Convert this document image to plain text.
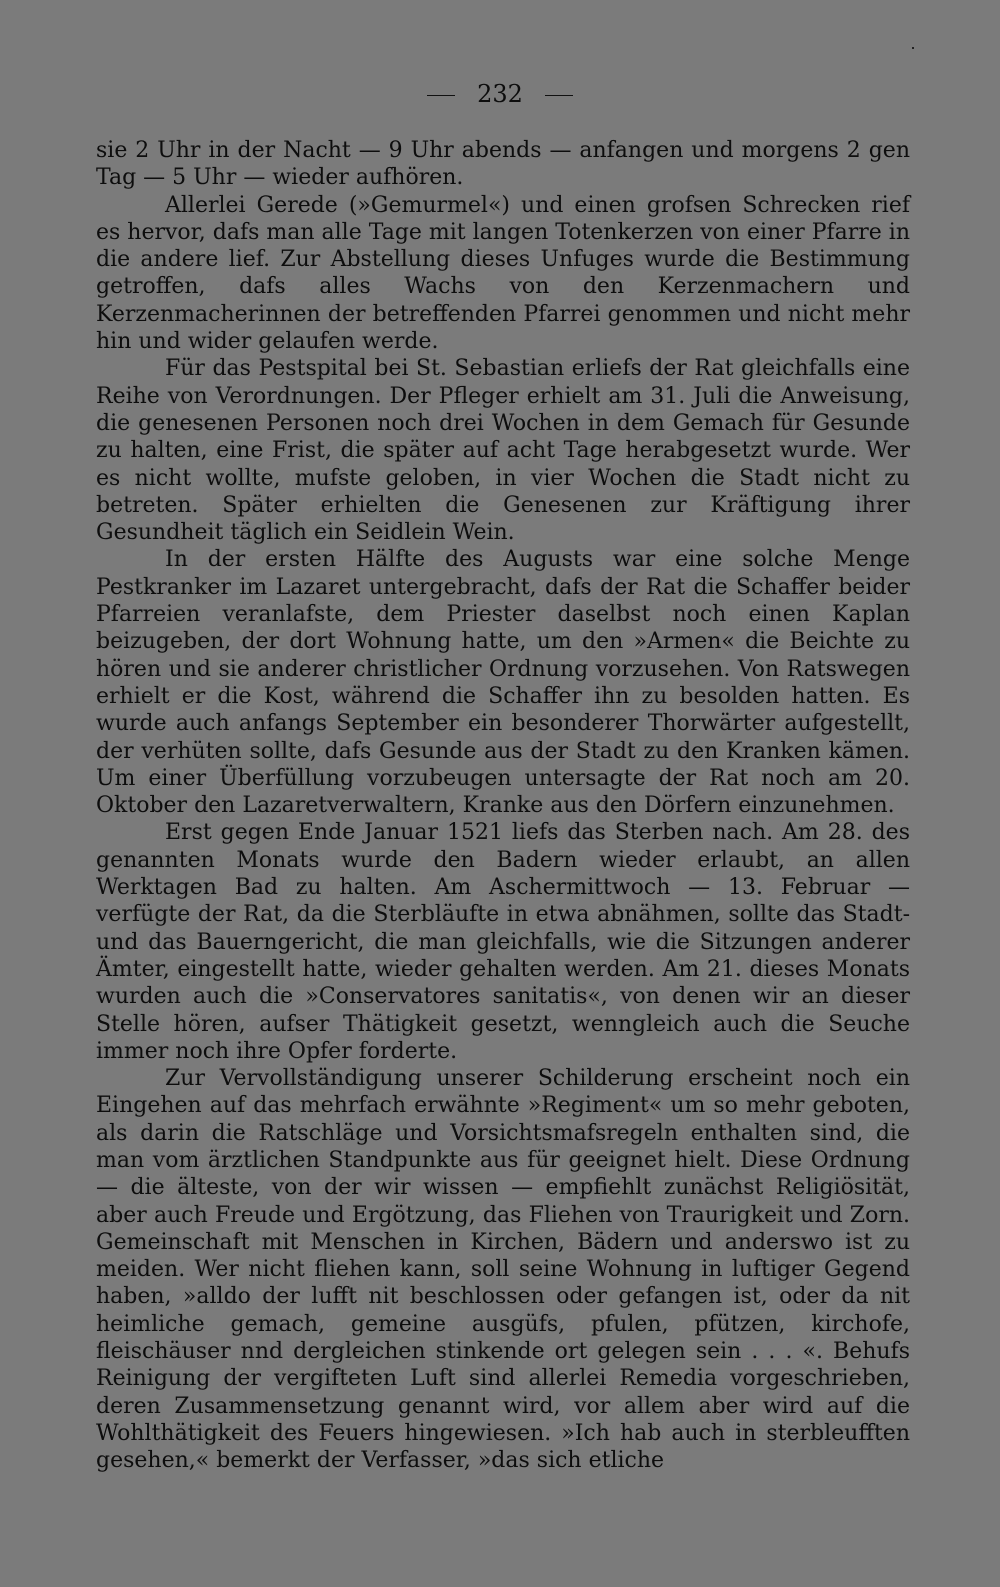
232

sie 2 Uhr in der Nacht — 9 Uhr abends — anfangen und morgens 2 gen Tag — 5 Uhr — wieder aufhören.

Allerlei Gerede (»Gemurmel«) und einen grofsen Schrecken rief es hervor, dafs man alle Tage mit langen Totenkerzen von einer Pfarre in die andere lief. Zur Abstellung dieses Unfuges wurde die Bestimmung getroffen, dafs alles Wachs von den Kerzenmachern und Kerzenmacherinnen der betreffenden Pfarrei genommen und nicht mehr hin und wider gelaufen werde.

Für das Pestspital bei St. Sebastian erliefs der Rat gleichfalls eine Reihe von Verordnungen. Der Pfleger erhielt am 31. Juli die Anweisung, die genesenen Personen noch drei Wochen in dem Gemach für Gesunde zu halten, eine Frist, die später auf acht Tage herabgesetzt wurde. Wer es nicht wollte, mufste geloben, in vier Wochen die Stadt nicht zu betreten. Später erhielten die Genesenen zur Kräftigung ihrer Gesundheit täglich ein Seidlein Wein.

In der ersten Hälfte des Augusts war eine solche Menge Pestkranker im Lazaret untergebracht, dafs der Rat die Schaffer beider Pfarreien veranlafste, dem Priester daselbst noch einen Kaplan beizugeben, der dort Wohnung hatte, um den »Armen« die Beichte zu hören und sie anderer christlicher Ordnung vorzusehen. Von Ratswegen erhielt er die Kost, während die Schaffer ihn zu besolden hatten. Es wurde auch anfangs September ein besonderer Thorwärter aufgestellt, der verhüten sollte, dafs Gesunde aus der Stadt zu den Kranken kämen. Um einer Überfüllung vorzubeugen untersagte der Rat noch am 20. Oktober den Lazaretverwaltern, Kranke aus den Dörfern einzunehmen.

Erst gegen Ende Januar 1521 liefs das Sterben nach. Am 28. des genannten Monats wurde den Badern wieder erlaubt, an allen Werktagen Bad zu halten. Am Aschermittwoch — 13. Februar — verfügte der Rat, da die Sterbläufte in etwa abnähmen, sollte das Stadt- und das Bauerngericht, die man gleichfalls, wie die Sitzungen anderer Ämter, eingestellt hatte, wieder gehalten werden. Am 21. dieses Monats wurden auch die »Conservatores sanitatis«, von denen wir an dieser Stelle hören, aufser Thätigkeit gesetzt, wenngleich auch die Seuche immer noch ihre Opfer forderte.

Zur Vervollständigung unserer Schilderung erscheint noch ein Eingehen auf das mehrfach erwähnte »Regiment« um so mehr geboten, als darin die Ratschläge und Vorsichtsmafsregeln enthalten sind, die man vom ärztlichen Standpunkte aus für geeignet hielt. Diese Ordnung — die älteste, von der wir wissen — empfiehlt zunächst Religiösität, aber auch Freude und Ergötzung, das Fliehen von Traurigkeit und Zorn. Gemeinschaft mit Menschen in Kirchen, Bädern und anderswo ist zu meiden. Wer nicht fliehen kann, soll seine Wohnung in luftiger Gegend haben, »alldo der lufft nit beschlossen oder gefangen ist, oder da nit heimliche gemach, gemeine ausgüfs, pfulen, pfützen, kirchofe, fleischäuser nnd dergleichen stinkende ort gelegen sein . . . «. Behufs Reinigung der vergifteten Luft sind allerlei Remedia vorgeschrieben, deren Zusammensetzung genannt wird, vor allem aber wird auf die Wohlthätigkeit des Feuers hingewiesen. »Ich hab auch in sterbleufften gesehen,« bemerkt der Verfasser, »das sich etliche
